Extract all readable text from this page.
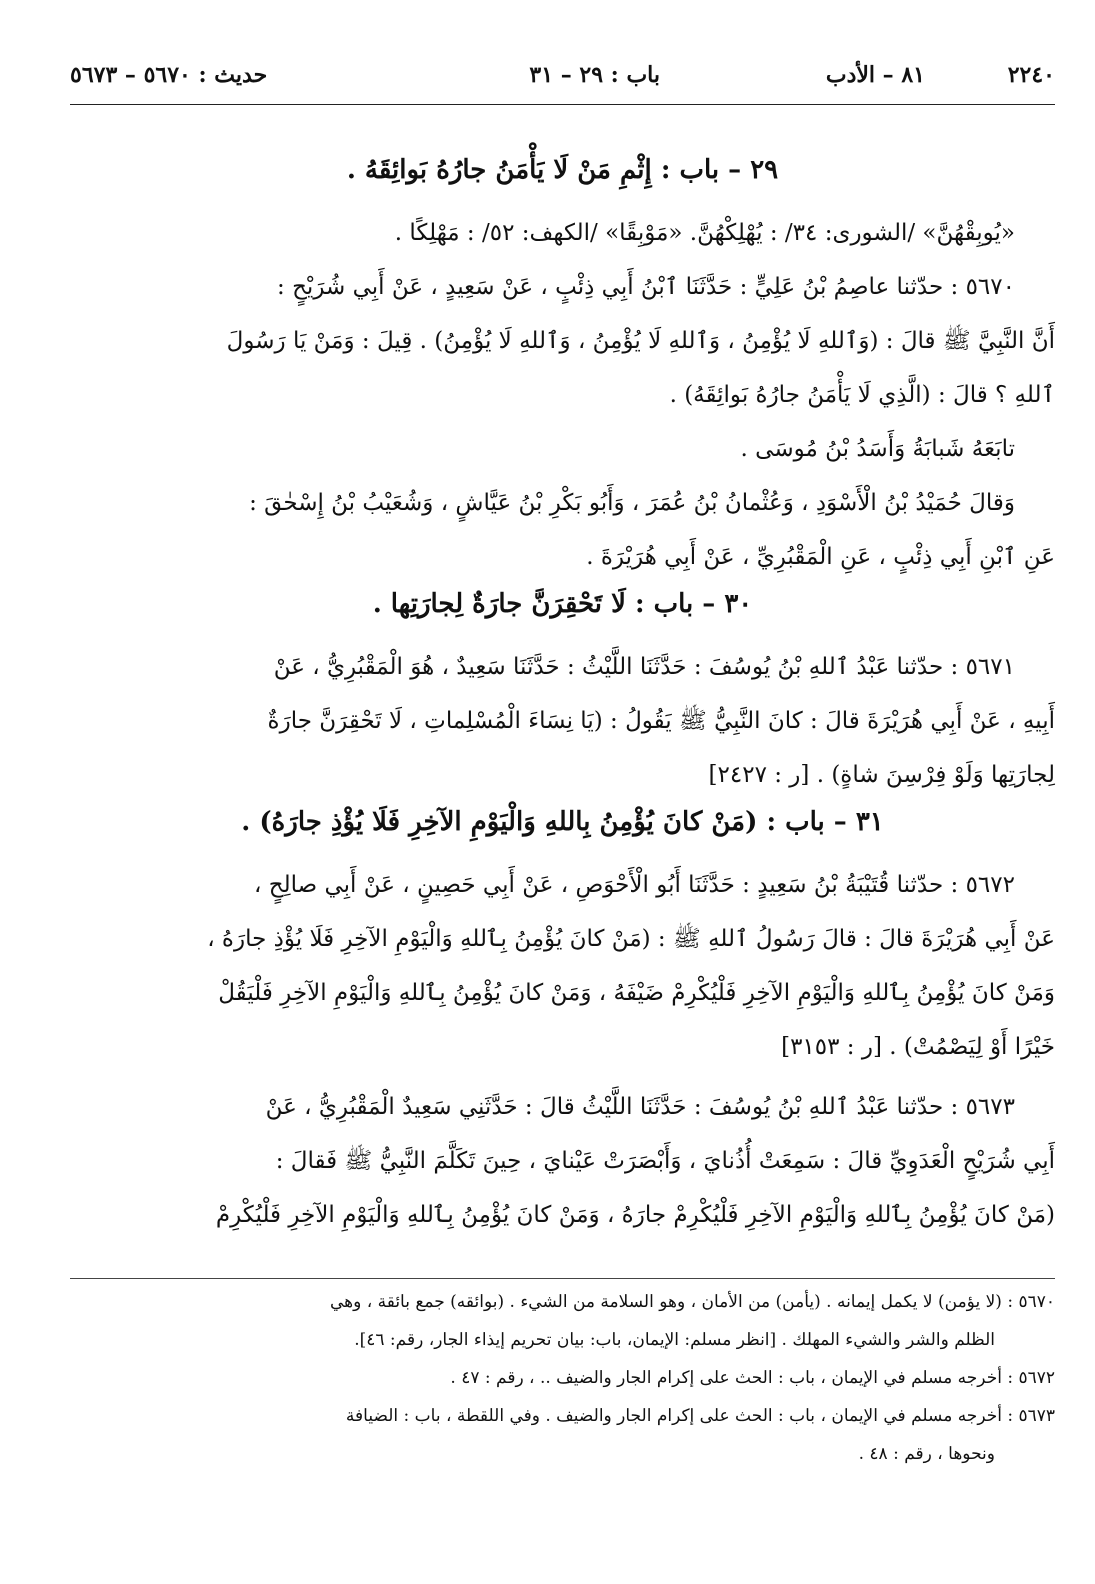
٢٢٤٠
٨١ – الأدب
باب : ٢٩ – ٣١
حديث : ٥٦٧٠ – ٥٦٧٣

٢٩ – باب : إِثْمِ مَنْ لَا يَأْمَنُ جارُهُ بَوائِقَهُ .

«يُوبِقْهُنَّ» /الشورى: ٣٤/ : يُهْلِكْهُنَّ. «مَوْبِقًا» /الكهف: ٥٢/ : مَهْلِكًا .

٥٦٧٠ : حدّثنا عاصِمُ بْنُ عَلِيٍّ : حَدَّثَنَا ٱبْنُ أَبِي ذِئْبٍ ، عَنْ سَعِيدٍ ، عَنْ أَبِي شُرَيْحٍ :

أَنَّ النَّبِيَّ ﷺ قالَ : (وَٱللهِ لَا يُؤْمِنُ ، وَٱللهِ لَا يُؤْمِنُ ، وَٱللهِ لَا يُؤْمِنُ) . قِيلَ : وَمَنْ يَا رَسُولَ

ٱللهِ ؟ قالَ : (الَّذِي لَا يَأْمَنُ جارُهُ بَوائِقَهُ) .

تابَعَهُ شَبابَةُ وَأَسَدُ بْنُ مُوسَى .

وَقالَ حُمَيْدُ بْنُ الْأَسْوَدِ ، وَعُثْمانُ بْنُ عُمَرَ ، وَأَبُو بَكْرِ بْنُ عَيَّاشٍ ، وَشُعَيْبُ بْنُ إِسْحٰقَ :

عَنِ ٱبْنِ أَبِي ذِئْبٍ ، عَنِ الْمَقْبُرِيِّ ، عَنْ أَبِي هُرَيْرَةَ .

٣٠ – باب : لَا تَحْقِرَنَّ جارَةٌ لِجارَتِها .

٥٦٧١ : حدّثنا عَبْدُ ٱللهِ بْنُ يُوسُفَ : حَدَّثَنَا اللَّيْثُ : حَدَّثَنَا سَعِيدٌ ، هُوَ الْمَقْبُرِيُّ ، عَنْ

أَبِيهِ ، عَنْ أَبِي هُرَيْرَةَ قالَ : كانَ النَّبِيُّ ﷺ يَقُولُ : (يَا نِسَاءَ الْمُسْلِماتِ ، لَا تَحْقِرَنَّ جارَةٌ

لِجارَتِها وَلَوْ فِرْسِنَ شاةٍ) . [ر : ٢٤٢٧]

٣١ – باب : (مَنْ كانَ يُؤْمِنُ بِاللهِ وَالْيَوْمِ الآخِرِ فَلَا يُؤْذِ جارَهُ) .

٥٦٧٢ : حدّثنا قُتَيْبَةُ بْنُ سَعِيدٍ : حَدَّثَنَا أَبُو الْأَحْوَصِ ، عَنْ أَبِي حَصِينٍ ، عَنْ أَبِي صالِحٍ ،

عَنْ أَبِي هُرَيْرَةَ قالَ : قالَ رَسُولُ ٱللهِ ﷺ : (مَنْ كانَ يُؤْمِنُ بِٱللهِ وَالْيَوْمِ الآخِرِ فَلَا يُؤْذِ جارَهُ ،

وَمَنْ كانَ يُؤْمِنُ بِٱللهِ وَالْيَوْمِ الآخِرِ فَلْيُكْرِمْ ضَيْفَهُ ، وَمَنْ كانَ يُؤْمِنُ بِٱللهِ وَالْيَوْمِ الآخِرِ فَلْيَقُلْ

خَيْرًا أَوْ لِيَصْمُتْ) . [ر : ٣١٥٣]

٥٦٧٣ : حدّثنا عَبْدُ ٱللهِ بْنُ يُوسُفَ : حَدَّثَنَا اللَّيْثُ قالَ : حَدَّثَنِي سَعِيدٌ الْمَقْبُرِيُّ ، عَنْ

أَبِي شُرَيْحٍ الْعَدَوِيِّ قالَ : سَمِعَتْ أُذُنايَ ، وَأَبْصَرَتْ عَيْنايَ ، حِينَ تَكَلَّمَ النَّبِيُّ ﷺ فَقالَ :

(مَنْ كانَ يُؤْمِنُ بِٱللهِ وَالْيَوْمِ الآخِرِ فَلْيُكْرِمْ جارَهُ ، وَمَنْ كانَ يُؤْمِنُ بِٱللهِ وَالْيَوْمِ الآخِرِ فَلْيُكْرِمْ

٥٦٧٠ : (لا يؤمن) لا يكمل إيمانه . (يأمن) من الأمان ، وهو السلامة من الشيء . (بوائقه) جمع بائقة ، وهي

الظلم والشر والشيء المهلك . [انظر مسلم: الإيمان، باب: بيان تحريم إيذاء الجار، رقم: ٤٦].

٥٦٧٢ : أخرجه مسلم في الإيمان ، باب : الحث على إكرام الجار والضيف .. ، رقم : ٤٧ .

٥٦٧٣ : أخرجه مسلم في الإيمان ، باب : الحث على إكرام الجار والضيف . وفي اللقطة ، باب : الضيافة

ونحوها ، رقم : ٤٨ .
